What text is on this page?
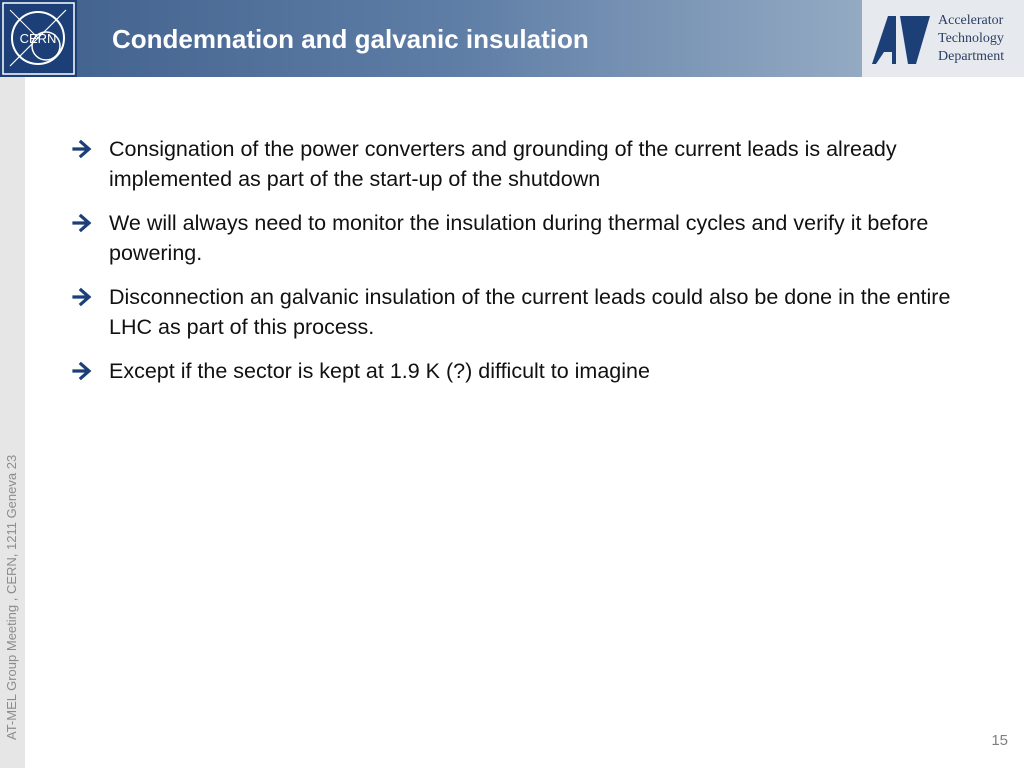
CERN Condemnation and galvanic insulation
Accelerator
Technology
Department
AT-MEL Group Meeting , CERN, 1211 Geneva 23
Consignation of the power converters and grounding of the current leads is already implemented as part of the start-up of the shutdown
We will always need to monitor the insulation during thermal cycles and verify it before powering.
Disconnection an galvanic insulation of the current leads could also be done in the entire LHC as part of this process.
Except if the sector is kept at 1.9 K (?) difficult to imagine
15
